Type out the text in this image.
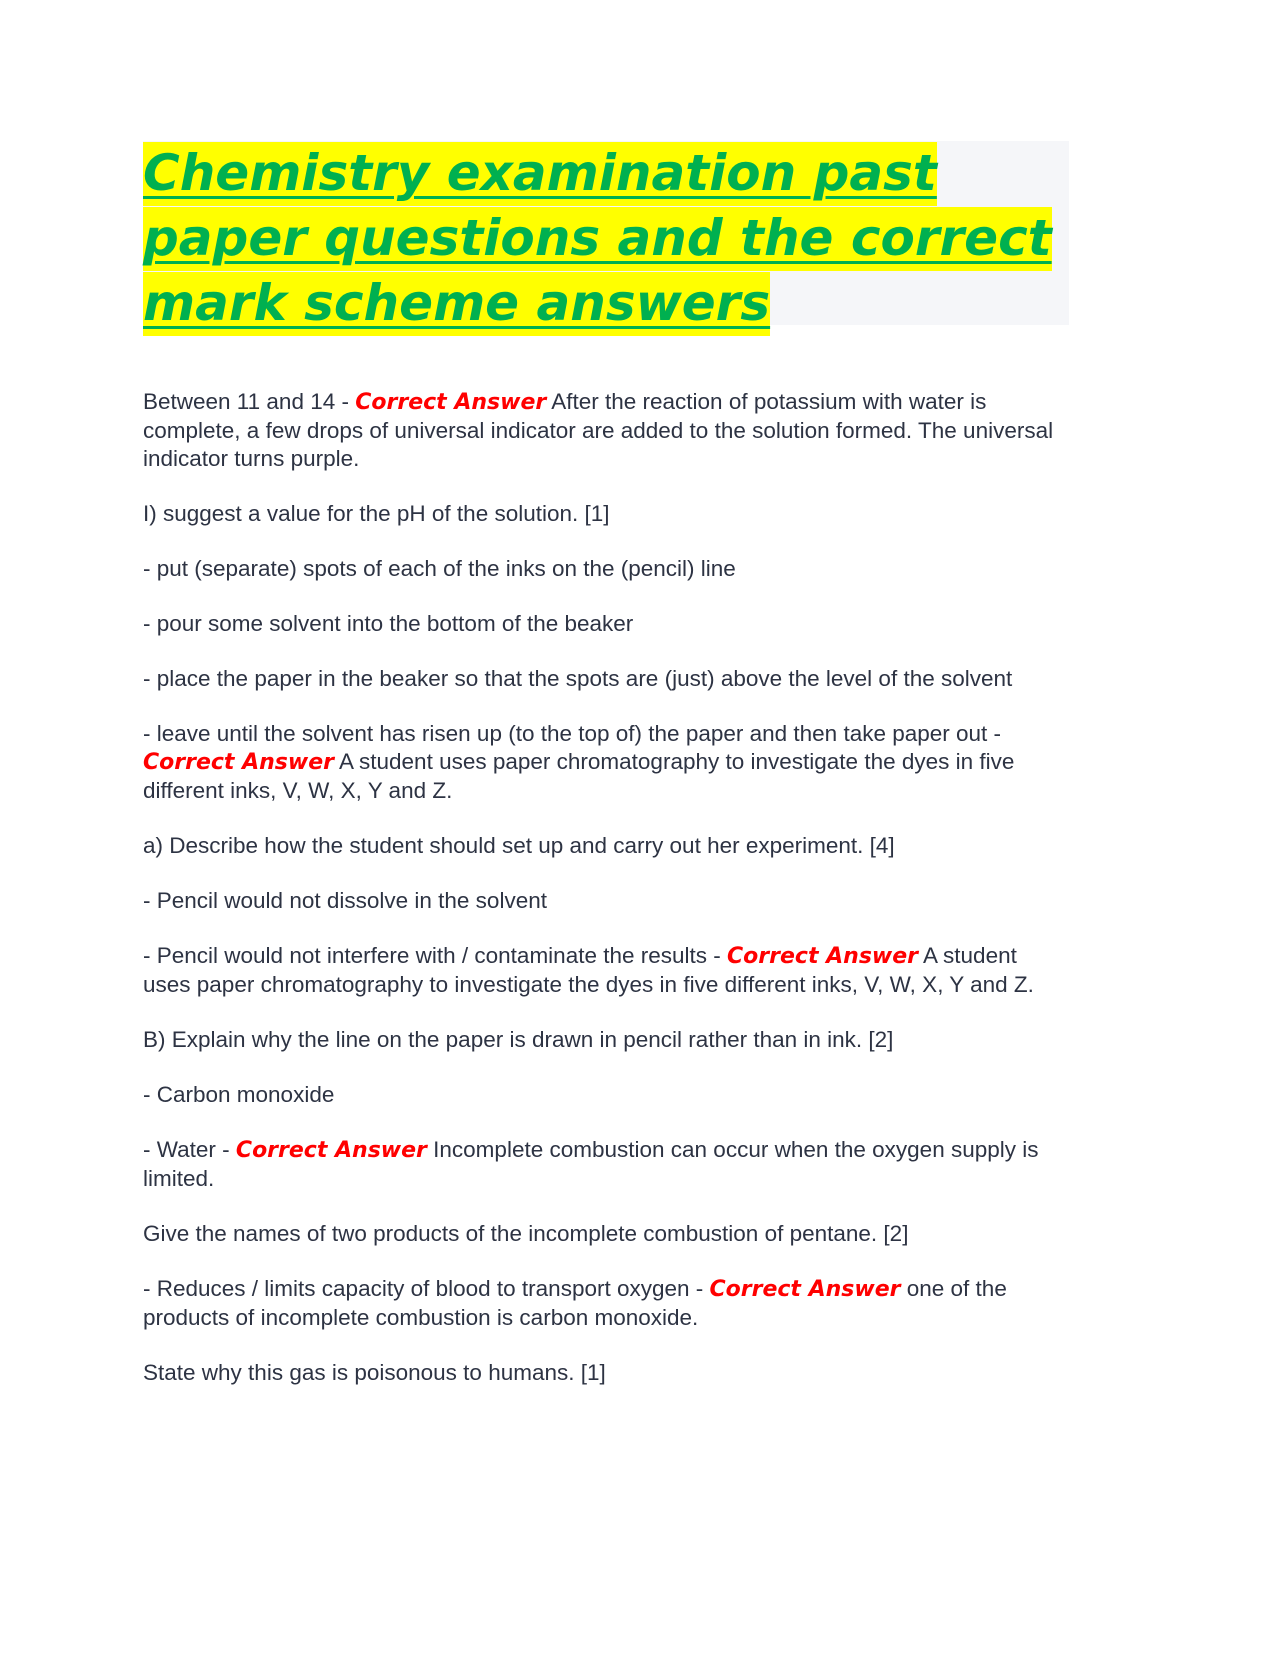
Chemistry examination past
paper questions and the correct
mark scheme answers

Between 11 and 14 - Correct Answer After the reaction of potassium with water is complete, a few drops of universal indicator are added to the solution formed. The universal indicator turns purple.

I) suggest a value for the pH of the solution. [1]

- put (separate) spots of each of the inks on the (pencil) line

- pour some solvent into the bottom of the beaker

- place the paper in the beaker so that the spots are (just) above the level of the solvent

- leave until the solvent has risen up (to the top of) the paper and then take paper out - Correct Answer A student uses paper chromatography to investigate the dyes in five different inks, V, W, X, Y and Z.

a) Describe how the student should set up and carry out her experiment. [4]

- Pencil would not dissolve in the solvent

- Pencil would not interfere with / contaminate the results - Correct Answer A student uses paper chromatography to investigate the dyes in five different inks, V, W, X, Y and Z.

B) Explain why the line on the paper is drawn in pencil rather than in ink. [2]

- Carbon monoxide

- Water - Correct Answer Incomplete combustion can occur when the oxygen supply is limited.

Give the names of two products of the incomplete combustion of pentane. [2]

- Reduces / limits capacity of blood to transport oxygen - Correct Answer one of the products of incomplete combustion is carbon monoxide.

State why this gas is poisonous to humans. [1]
